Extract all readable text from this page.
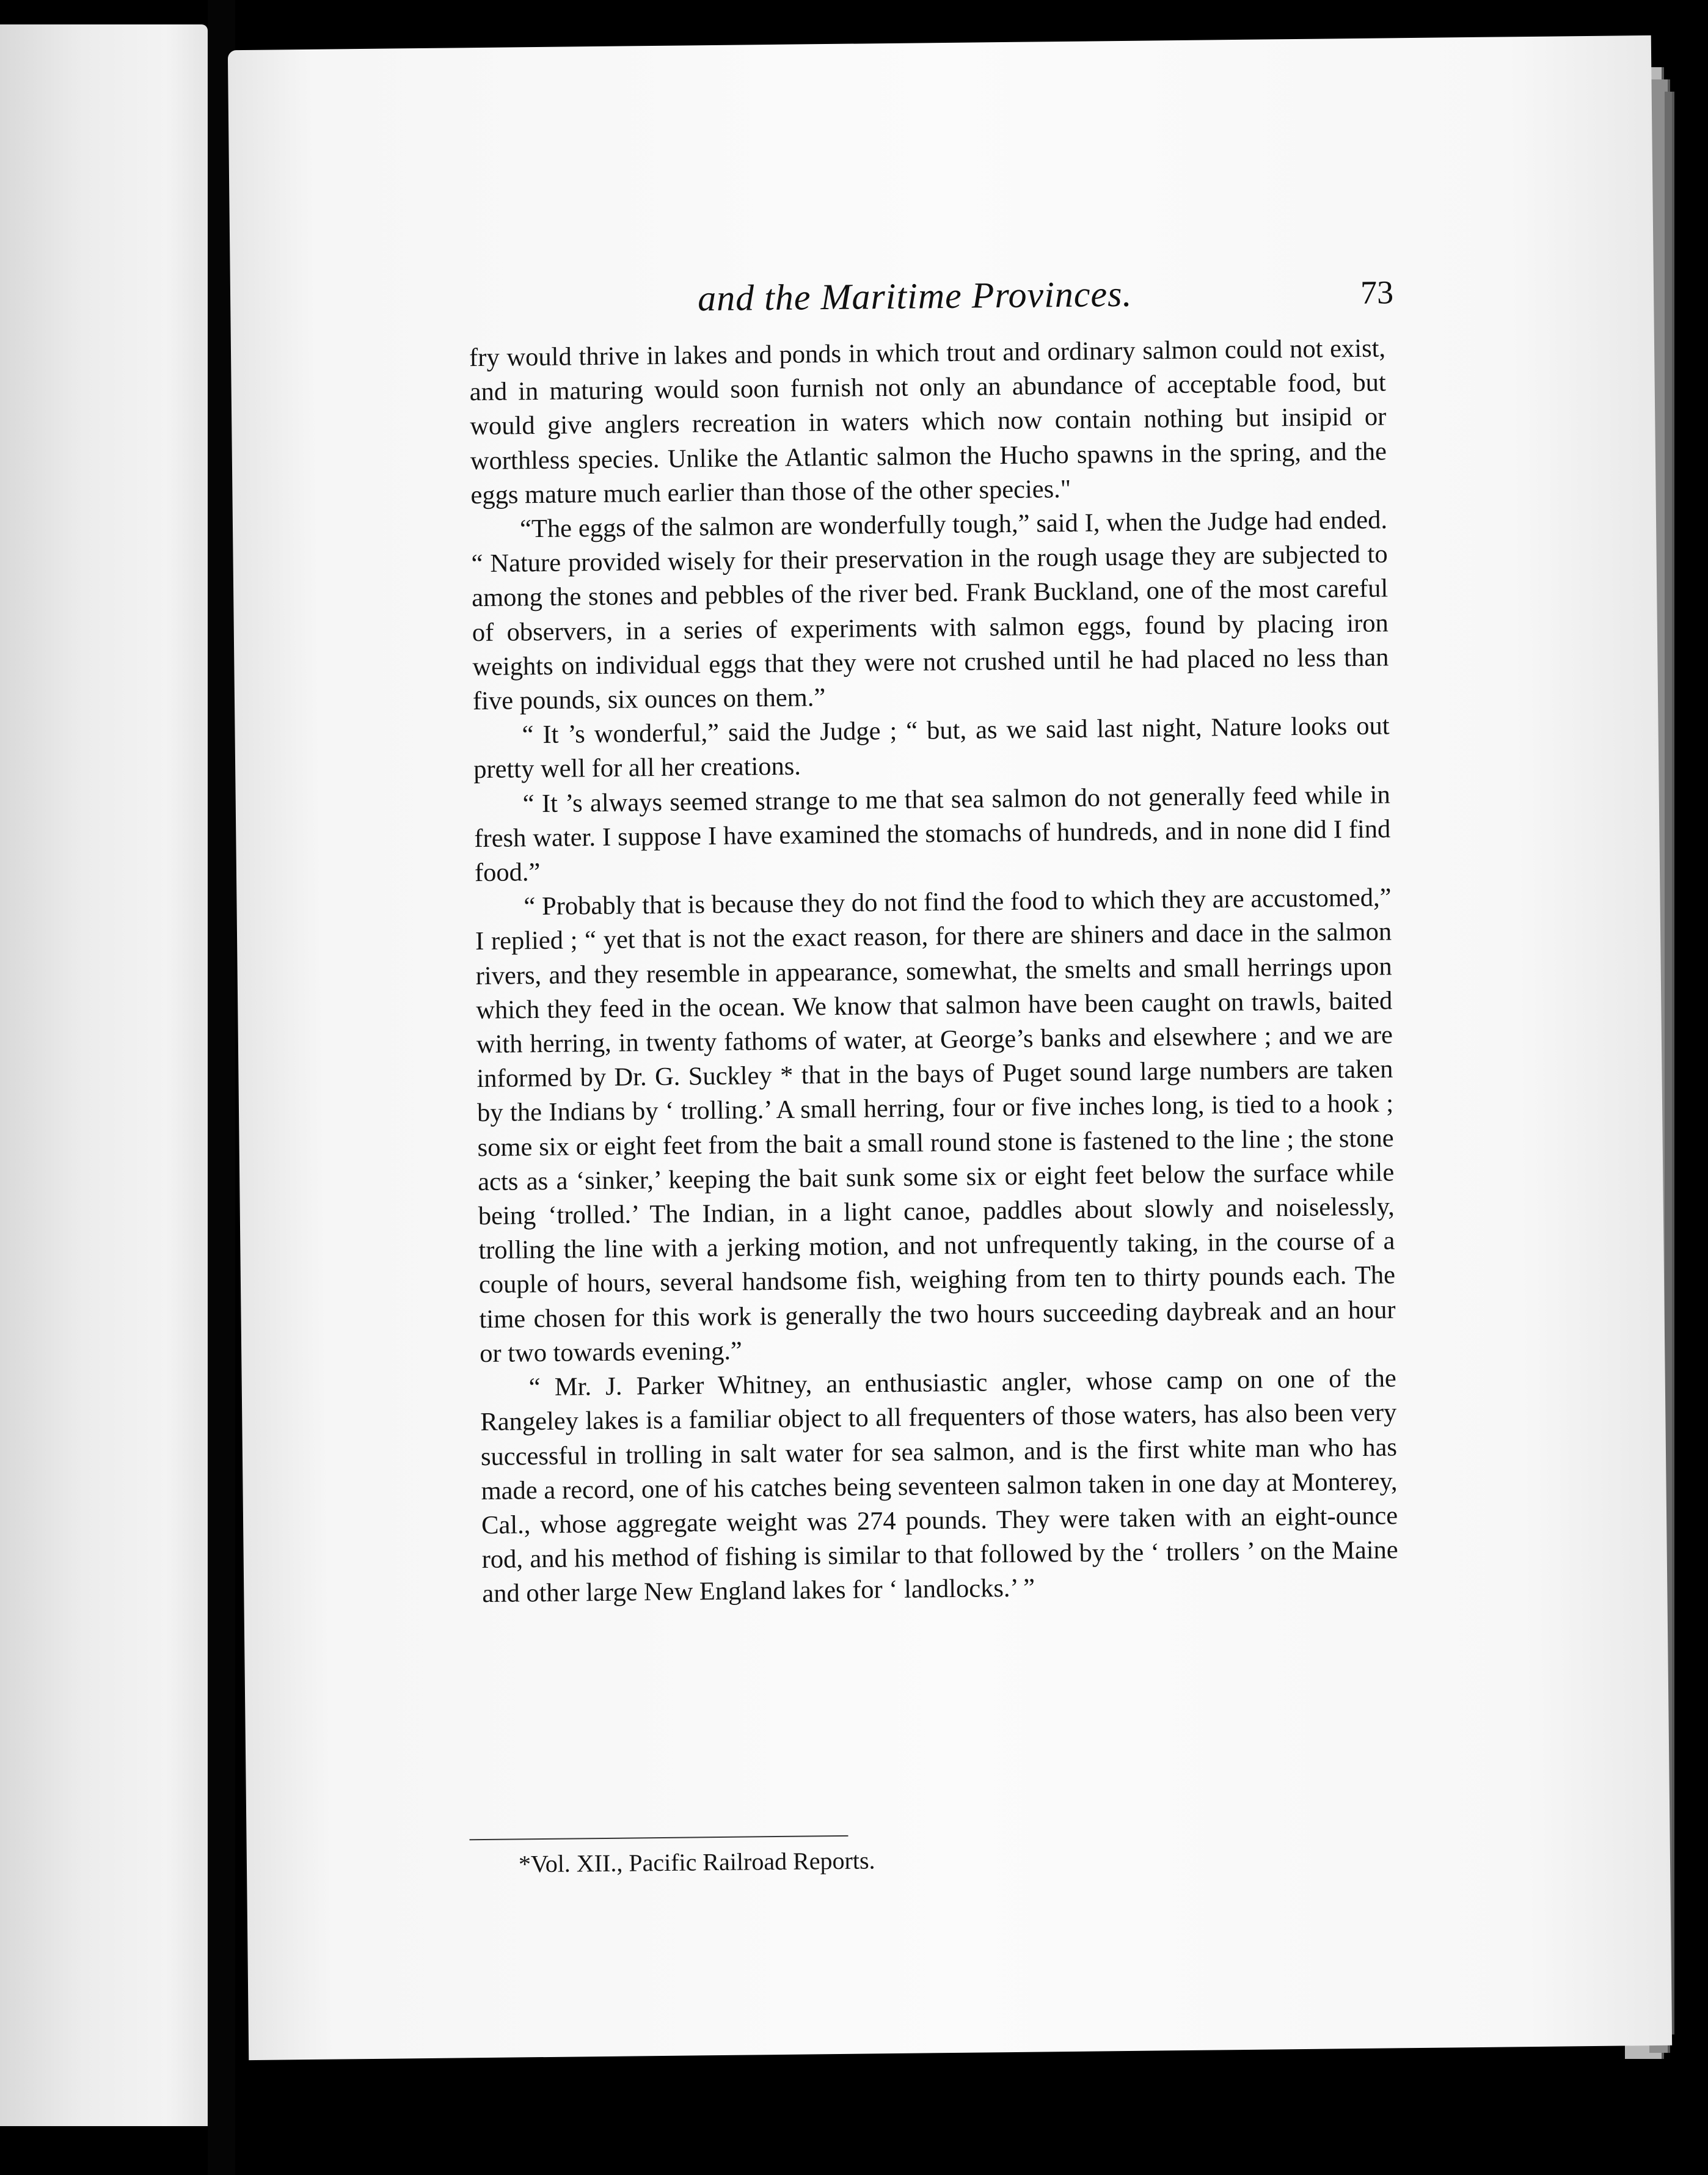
and the Maritime Provinces.	73

fry would thrive in lakes and ponds in which trout and ordinary salmon could not exist, and in maturing would soon furnish not only an abundance of acceptable food, but would give anglers recreation in waters which now contain nothing but insipid or worthless species. Unlike the Atlantic salmon the Hucho spawns in the spring, and the eggs mature much earlier than those of the other species."

“The eggs of the salmon are wonderfully tough,” said I, when the Judge had ended. “ Nature provided wisely for their preservation in the rough usage they are subjected to among the stones and pebbles of the river bed. Frank Buckland, one of the most careful of observers, in a series of experiments with salmon eggs, found by placing iron weights on individual eggs that they were not crushed until he had placed no less than five pounds, six ounces on them.”

“ It ’s wonderful,” said the Judge ; “ but, as we said last night, Nature looks out pretty well for all her creations.

“ It ’s always seemed strange to me that sea salmon do not generally feed while in fresh water. I suppose I have examined the stomachs of hundreds, and in none did I find food.”

“ Probably that is because they do not find the food to which they are accustomed,” I replied ; “ yet that is not the exact reason, for there are shiners and dace in the salmon rivers, and they resemble in appearance, somewhat, the smelts and small herrings upon which they feed in the ocean. We know that salmon have been caught on trawls, baited with herring, in twenty fathoms of water, at George’s banks and elsewhere ; and we are informed by Dr. G. Suckley * that in the bays of Puget sound large numbers are taken by the Indians by ‘ trolling.’ A small herring, four or five inches long, is tied to a hook ; some six or eight feet from the bait a small round stone is fastened to the line ; the stone acts as a ‘sinker,’ keeping the bait sunk some six or eight feet below the surface while being ‘trolled.’ The Indian, in a light canoe, paddles about slowly and noiselessly, trolling the line with a jerking motion, and not unfrequently taking, in the course of a couple of hours, several handsome fish, weighing from ten to thirty pounds each. The time chosen for this work is generally the two hours succeeding daybreak and an hour or two towards evening.”

“ Mr. J. Parker Whitney, an enthusiastic angler, whose camp on one of the Rangeley lakes is a familiar object to all frequenters of those waters, has also been very successful in trolling in salt water for sea salmon, and is the first white man who has made a record, one of his catches being seventeen salmon taken in one day at Monterey, Cal., whose aggregate weight was 274 pounds. They were taken with an eight-ounce rod, and his method of fishing is similar to that followed by the ‘ trollers ’ on the Maine and other large New England lakes for ‘ landlocks.’ ”

*Vol. XII., Pacific Railroad Reports.
